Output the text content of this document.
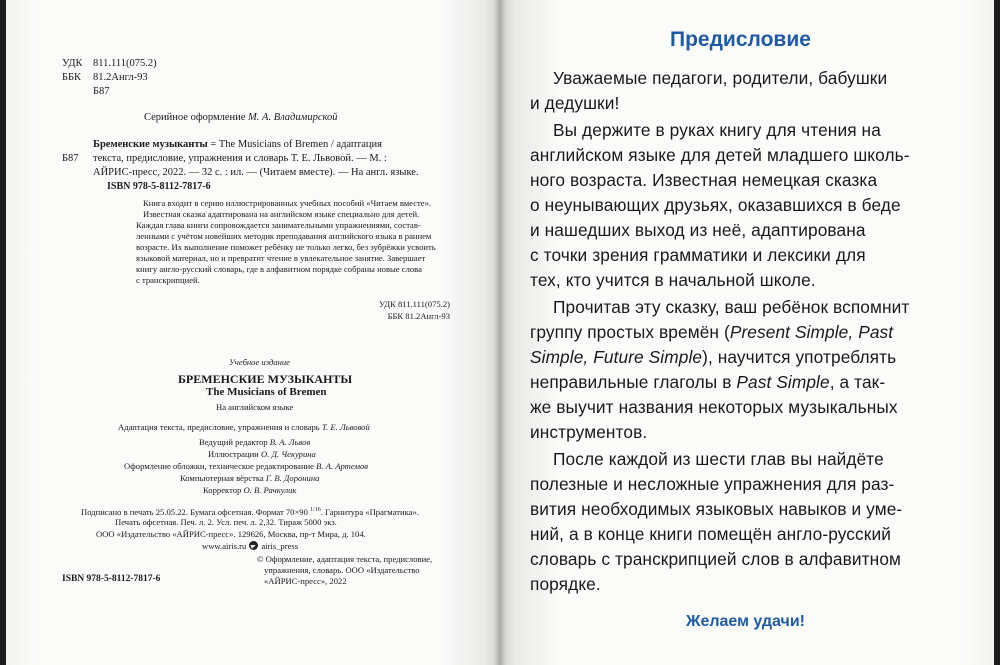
УДК 811.111(075.2)
ББК 81.2Англ-93
Б87
Серийное оформление М. А. Владимирской
Б87
Бременские музыканты = The Musicians of Bremen / адаптация
текста, предисловие, упражнения и словарь Т. Е. Львовой. — М. :
АЙРИС-пресс, 2022. — 32 с. : ил. — (Читаем вместе). — На англ. языке.
ISBN 978-5-8112-7817-6
Книга входит в серию иллюстрированных учебных пособий «Читаем вместе».
Известная сказка адаптирована на английском языке специально для детей.
Каждая глава книги сопровождается занимательными упражнениями, состав-
ленными с учётом новейших методик преподавания английского языка в раннем
возрасте. Их выполнение поможет ребёнку не только легко, без зубрёжки усвоить
языковой материал, но и превратит чтение в увлекательное занятие. Завершает
книгу англо-русский словарь, где в алфавитном порядке собраны новые слова
с транскрипцией.
УДК 811.111(075.2)
ББК 81.2Англ-93
Учебное издание
БРЕМЕНСКИЕ МУЗЫКАНТЫ
The Musicians of Bremen
На английском языке
Адаптация текста, предисловие, упражнения и словарь Т. Е. Львовой
Ведущий редактор В. А. Львов
Иллюстрации О. Д. Чекурина
Оформление обложки, техническое редактирование В. А. Артемов
Компьютерная вёрстка Г. В. Доронина
Корректор О. В. Рачкулик
Подписано в печать 25.05.22. Бумага офсетная. Формат 70×90 $^{1/16}$. Гарнитура «Прагматика».
Печать офсетная. Печ. л. 2. Усл. печ. л. 2,32. Тираж 5000 экз.
ООО «Издательство «АЙРИС-пресс». 129626, Москва, пр-т Мира, д. 104.
www.airis.ru airis_press
© Оформление, адаптация текста, предисловие,
упражнения, словарь. ООО «Издательство
«АЙРИС-пресс», 2022
ISBN 978-5-8112-7817-6
Предисловие
Уважаемые педагоги, родители, бабушки
и дедушки!
Вы держите в руках книгу для чтения на
английском языке для детей младшего школь-
ного возраста. Известная немецкая сказка
о неунывающих друзьях, оказавшихся в беде
и нашедших выход из неё, адаптирована
с точки зрения грамматики и лексики для
тех, кто учится в начальной школе.
Прочитав эту сказку, ваш ребёнок вспомнит
группу простых времён (Present Simple, Past
Simple, Future Simple), научится употреблять
неправильные глаголы в Past Simple, а так-
же выучит названия некоторых музыкальных
инструментов.
После каждой из шести глав вы найдёте
полезные и несложные упражнения для раз-
вития необходимых языковых навыков и уме-
ний, а в конце книги помещён англо-русский
словарь с транскрипцией слов в алфавитном
порядке.
Желаем удачи!
